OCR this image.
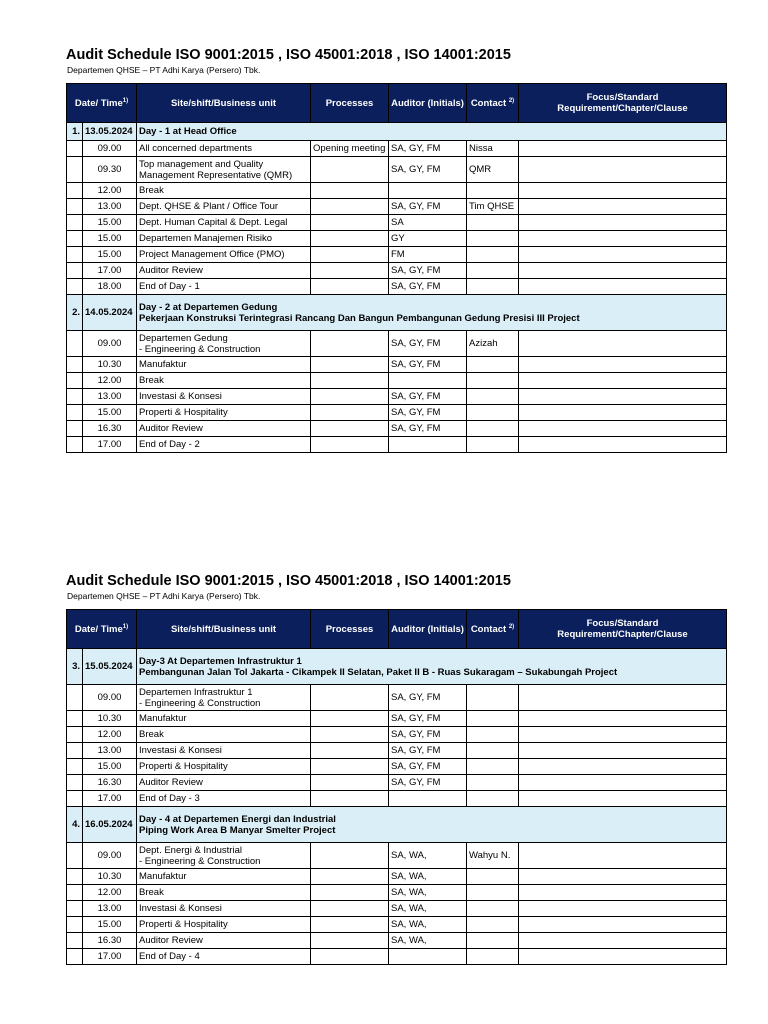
Audit Schedule ISO 9001:2015 , ISO 45001:2018 , ISO 14001:2015

Departemen QHSE – PT Adhi Karya (Persero) Tbk.

Date/ Time$^{1)}$		Site/shift/Business unit	Processes	Auditor (Initials)	Contact $^{2)}$	Focus/Standard Requirement/Chapter/Clause
1.	13.05.2024	Day - 1 at Head Office				

	09.00	All concerned departments	Opening meeting	SA, GY, FM	Nissa	
	09.30	Top management and Quality
Management Representative (QMR)		SA, GY, FM	QMR	
	12.00	Break				

	13.00	Dept. QHSE & Plant / Office Tour		SA, GY, FM	Tim QHSE	
	15.00	Dept. Human Capital & Dept. Legal		SA		
	15.00	Departemen Manajemen Risiko		GY		
	15.00	Project Management Office (PMO)		FM		
	17.00	Auditor Review		SA, GY, FM		
	18.00	End of Day - 1		SA, GY, FM		
2.	14.05.2024	Day - 2 at Departemen Gedung
Pekerjaan Konstruksi Terintegrasi Rancang Dan Bangun Pembangunan Gedung Presisi III Project				

	09.00	Departemen Gedung
- Engineering & Construction		SA, GY, FM	Azizah	
	10.30	Manufaktur		SA, GY, FM		
	12.00	Break				

	13.00	Investasi & Konsesi		SA, GY, FM		
	15.00	Properti & Hospitality		SA, GY, FM		
	16.30	Auditor Review		SA, GY, FM		
	17.00	End of Day - 2				

Audit Schedule ISO 9001:2015 , ISO 45001:2018 , ISO 14001:2015

Departemen QHSE – PT Adhi Karya (Persero) Tbk.

Date/ Time$^{1)}$		Site/shift/Business unit	Processes	Auditor (Initials)	Contact $^{2)}$	Focus/Standard Requirement/Chapter/Clause
3.	15.05.2024	Day-3 At Departemen Infrastruktur 1
Pembangunan Jalan Tol Jakarta - Cikampek II Selatan, Paket II B - Ruas Sukaragam – Sukabungah Project				

	09.00	Departemen Infrastruktur 1
- Engineering & Construction		SA, GY, FM		
	10.30	Manufaktur		SA, GY, FM		
	12.00	Break		SA, GY, FM		
	13.00	Investasi & Konsesi		SA, GY, FM		
	15.00	Properti & Hospitality		SA, GY, FM		
	16.30	Auditor Review		SA, GY, FM		
	17.00	End of Day - 3				

4.	16.05.2024	Day - 4 at Departemen Energi dan Industrial
Piping Work Area B Manyar Smelter Project				

	09.00	Dept. Energi & Industrial
- Engineering & Construction		SA, WA,	Wahyu N.	
	10.30	Manufaktur		SA, WA,		
	12.00	Break		SA, WA,		
	13.00	Investasi & Konsesi		SA, WA,		
	15.00	Properti & Hospitality		SA, WA,		
	16.30	Auditor Review		SA, WA,		
	17.00	End of Day - 4				
